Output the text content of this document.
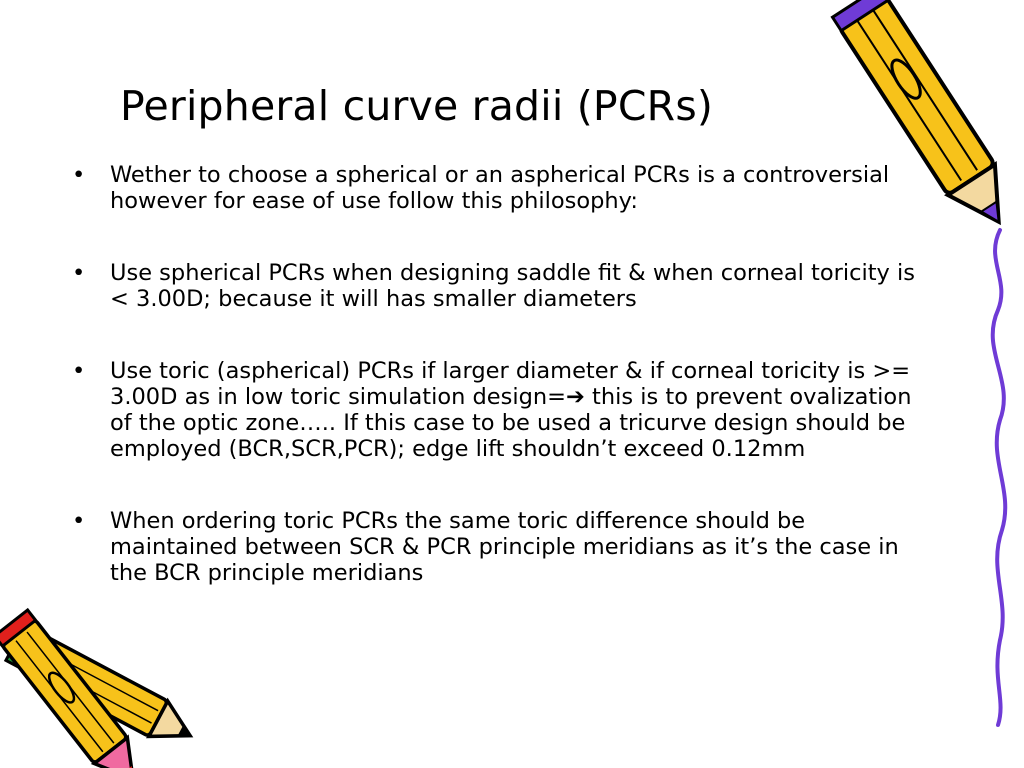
Peripheral curve radii (PCRs)
• Wether to choose a spherical or an aspherical PCRs is a controversial however for ease of use follow this philosophy:
• Use spherical PCRs when designing saddle fit & when corneal toricity is < 3.00D; because it will has smaller diameters
• Use toric (aspherical) PCRs if larger diameter & if corneal toricity is >= 3.00D as in low toric simulation design=➔ this is to prevent ovalization of the optic zone….. If this case to be used a tricurve design should be employed (BCR,SCR,PCR); edge lift shouldn’t exceed 0.12mm
• When ordering toric PCRs the same toric difference should be maintained between SCR & PCR principle meridians as it’s the case in the BCR principle meridians
